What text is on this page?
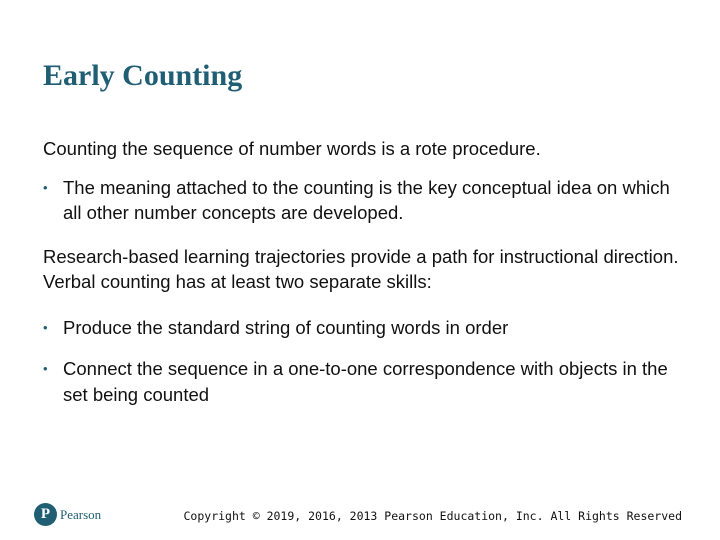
Early Counting

Counting the sequence of number words is a rote procedure.

• The meaning attached to the counting is the key conceptual idea on which all other number concepts are developed.

Research-based learning trajectories provide a path for instructional direction. Verbal counting has at least two separate skills:

• Produce the standard string of counting words in order
• Connect the sequence in a one-to-one correspondence with objects in the set being counted
P Pearson	Copyright © 2019, 2016, 2013 Pearson Education, Inc. All Rights Reserved
